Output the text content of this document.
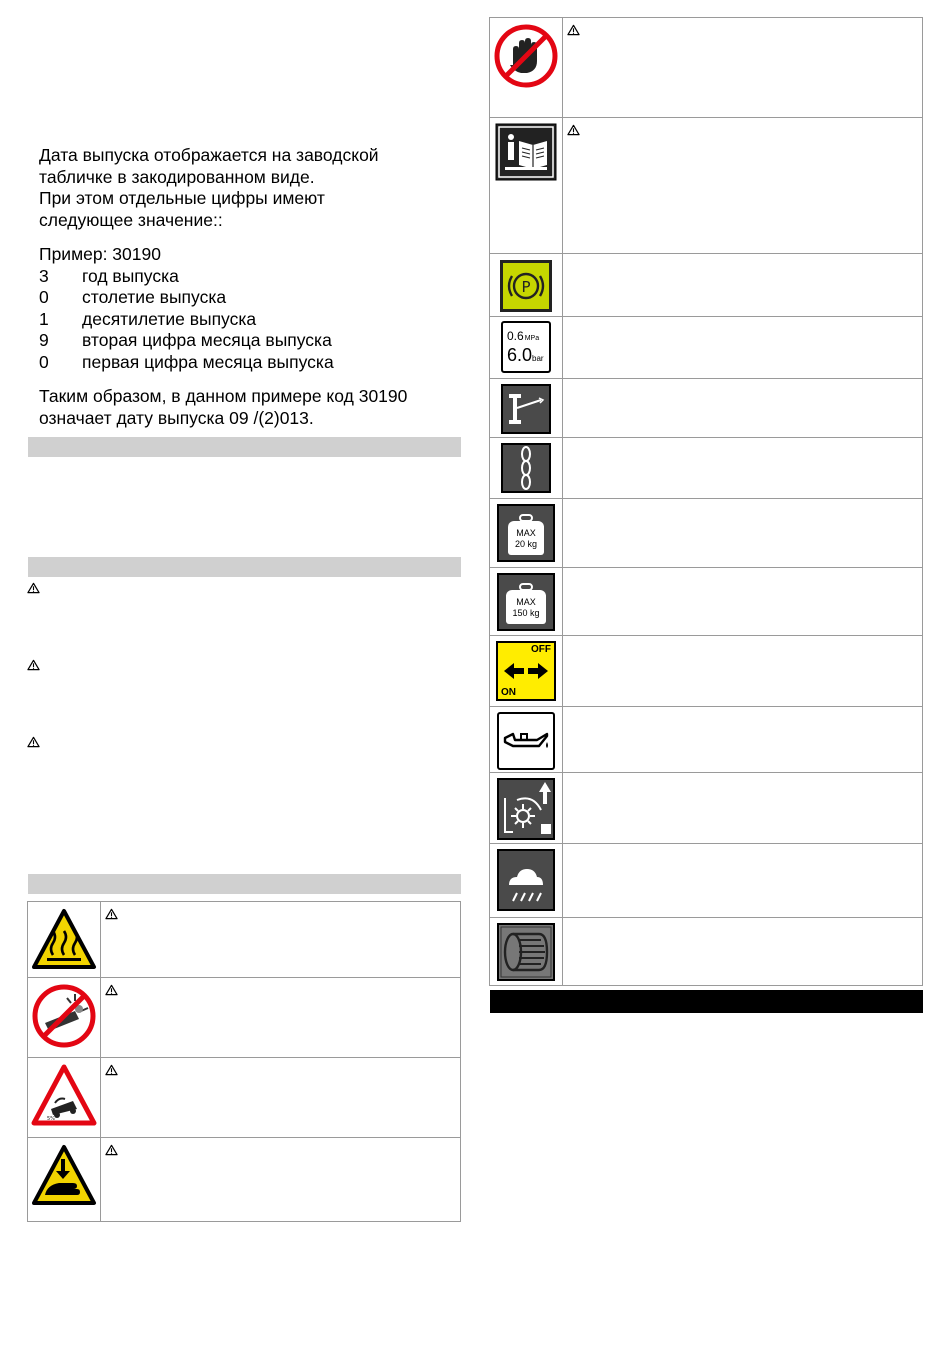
Дата выпуска отображается на заводской

табличке в закодированном виде.

При этом отдельные цифры имеют

следующее значение::

Пример: 30190

3	год выпуска
0	столетие выпуска
1	десятилетие выпуска
9	вторая цифра месяца выпуска
0	первая цифра месяца выпуска

Таким образом, в данном примере код 30190

означает дату выпуска 09 /(2)013.

5%

P	

0.6MPa
6.0bar	

MAX
20 kg	

MAX
150 kg	

OFF
ON	
